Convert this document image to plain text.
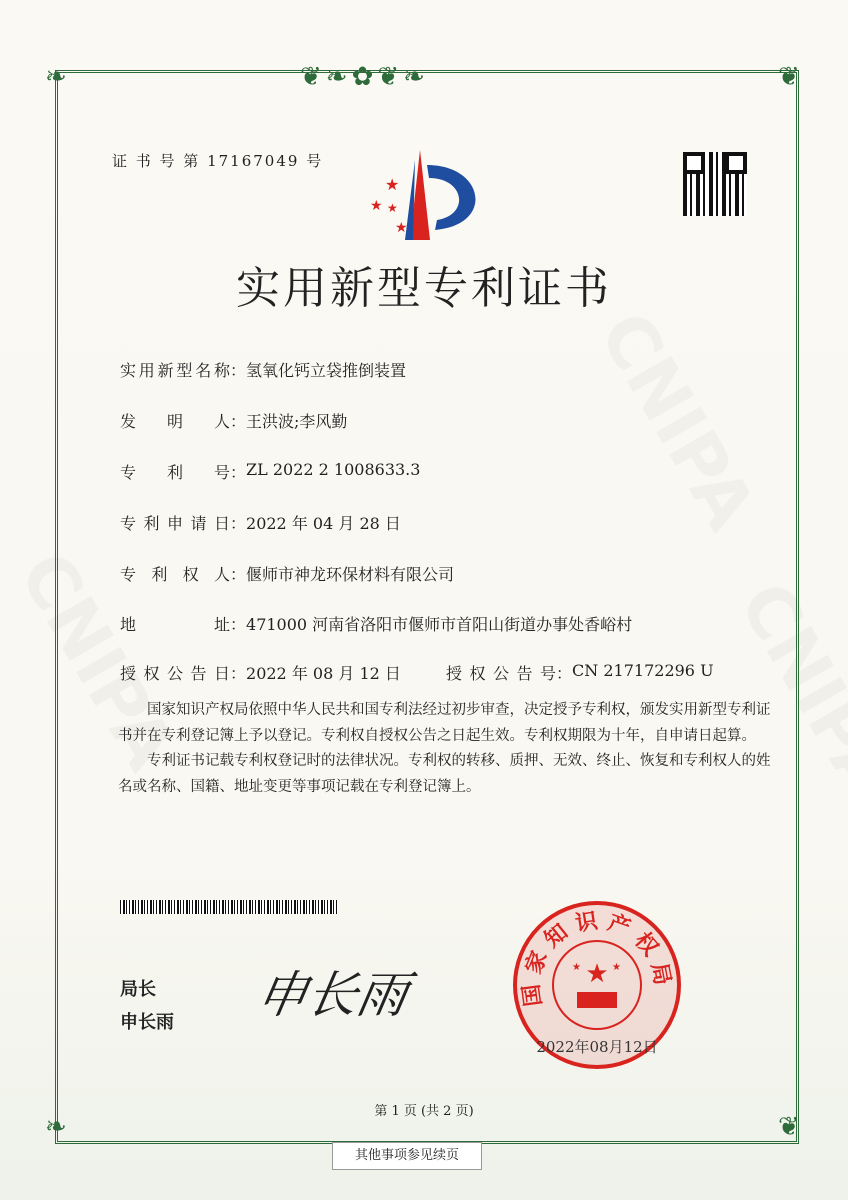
❦❧✿❦❧
❧	❦
❧	❦
证 书 号 第 17167049 号
★
★ ★
★
实用新型专利证书
实用新型名称 ： 氢氧化钙立袋推倒装置
发明人 ： 王洪波;李风勤
专利号 ： ZL 2022 2 1008633.3
专利申请日 ： 2022 年 04 月 28 日
专利权人 ： 偃师市神龙环保材料有限公司
地址 ： 471000 河南省洛阳市偃师市首阳山街道办事处香峪村
授权公告日 ： 2022 年 08 月 12 日	授权公告号 ： CN 217172296 U

国家知识产权局依照中华人民共和国专利法经过初步审查，决定授予专利权，颁发实用新型专利证书并在专利登记簿上予以登记。专利权自授权公告之日起生效。专利权期限为十年，自申请日起算。

专利证书记载专利权登记时的法律状况。专利权的转移、质押、无效、终止、恢复和专利权人的姓名或名称、国籍、地址变更等事项记载在专利登记簿上。

局长
申长雨 申长雨	国 家 知 识 产 权 局
★
★	★
2022年08月12日
第 1 页 (共 2 页)
其他事项参见续页
